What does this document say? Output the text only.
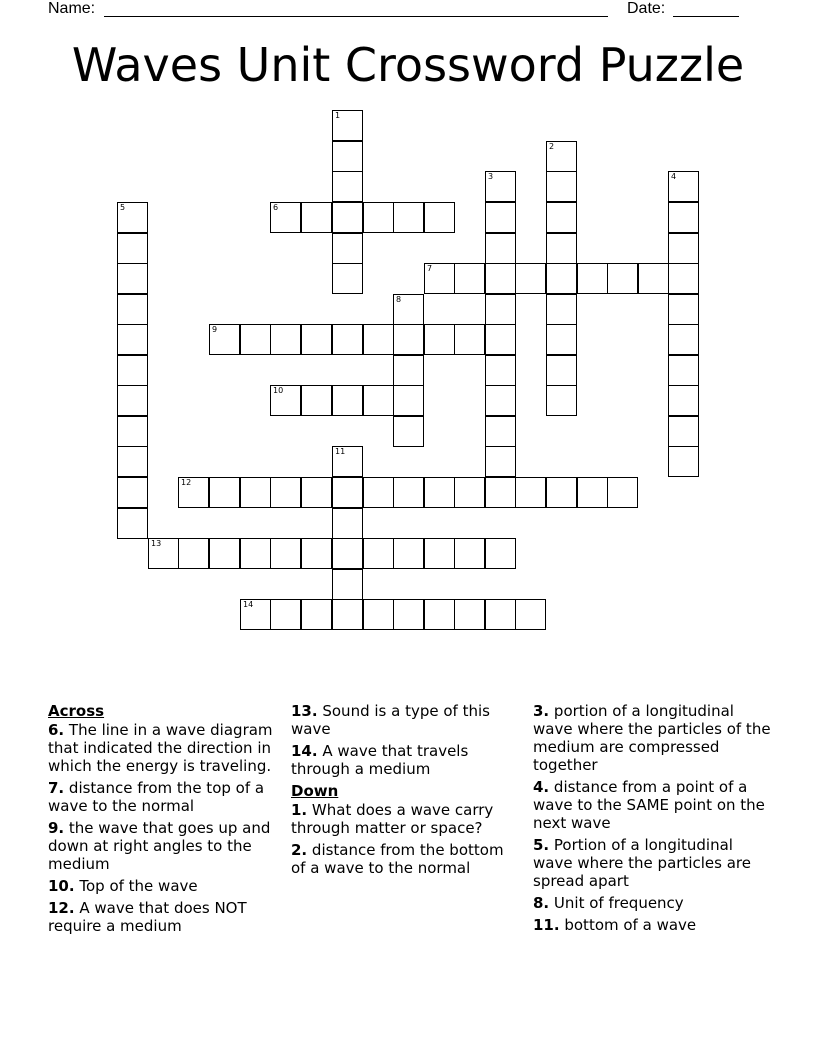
Name:	Date:
Waves Unit Crossword Puzzle
1
2
3	4
5	6
7
8
9
10
11
12
13
14
Across
6. The line in a wave diagram that indicated the direction in which the energy is traveling.
7. distance from the top of a wave to the normal
9. the wave that goes up and down at right angles to the medium
10. Top of the wave
12. A wave that does NOT require a medium
13. Sound is a type of this wave
14. A wave that travels through a medium
Down
1. What does a wave carry through matter or space?
2. distance from the bottom of a wave to the normal
3. portion of a longitudinal wave where the particles of the medium are compressed together
4. distance from a point of a wave to the SAME point on the next wave
5. Portion of a longitudinal wave where the particles are spread apart
8. Unit of frequency
11. bottom of a wave
